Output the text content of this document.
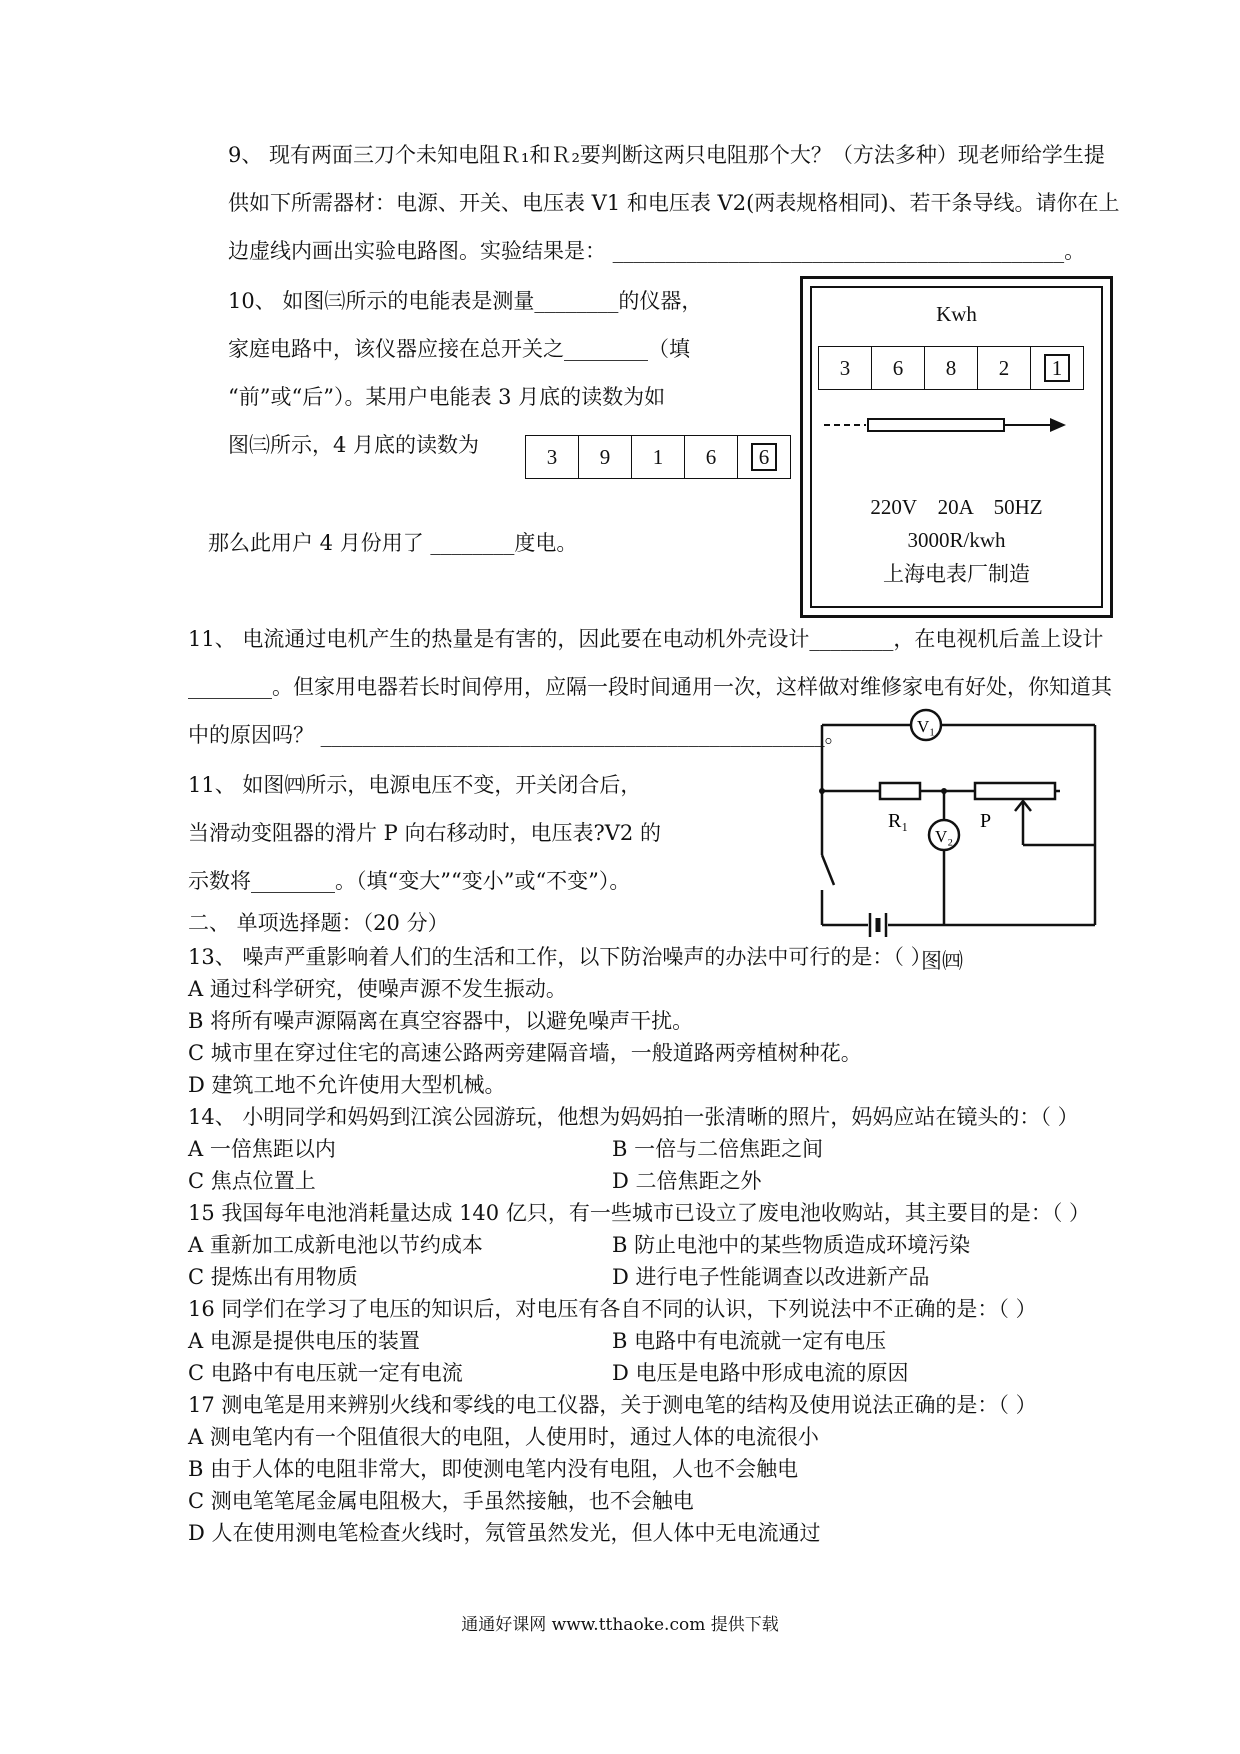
9、 现有两面三刀个未知电阻Ｒ₁和Ｒ₂要判断这两只电阻那个大？（方法多种）现老师给学生提
供如下所需器材：电源、开关、电压表 V1 和电压表 V2(两表规格相同)、若干条导线。请你在上
边虚线内画出实验电路图。实验结果是： ___________________________________________。
10、 如图㈢所示的电能表是测量________的仪器，
家庭电路中，该仪器应接在总开关之________（填
“前”或“后”）。某用户电能表 3 月底的读数为如
图㈢所示，4 月底的读数为
那么此用户 4 月份用了 ________度电。
3	9	1	6	6
Kwh
3	6	8	2	1
220V    20A    50HZ
3000R/kwh
上海电表厂制造
11、 电流通过电机产生的热量是有害的，因此要在电动机外壳设计________，在电视机后盖上设计
________。但家用电器若长时间停用，应隔一段时间通用一次，这样做对维修家电有好处，你知道其
中的原因吗？ ________________________________________________。
11、 如图㈣所示，电源电压不变，开关闭合后，
当滑动变阻器的滑片 P 向右移动时，电压表?V2 的
示数将________。（填“变大”“变小”或“不变”）。
V₁
V₂
R₁	P
图㈣
二、 单项选择题：（20 分）
13、 噪声严重影响着人们的生活和工作，以下防治噪声的办法中可行的是：（ ）
A 通过科学研究，使噪声源不发生振动。
B 将所有噪声源隔离在真空容器中，以避免噪声干扰。
C 城市里在穿过住宅的高速公路两旁建隔音墙，一般道路两旁植树种花。
D 建筑工地不允许使用大型机械。
14、 小明同学和妈妈到江滨公园游玩，他想为妈妈拍一张清晰的照片，妈妈应站在镜头的：（ ）
A 一倍焦距以内	B 一倍与二倍焦距之间
C 焦点位置上	D 二倍焦距之外
15 我国每年电池消耗量达成 140 亿只，有一些城市已设立了废电池收购站，其主要目的是：（ ）
A 重新加工成新电池以节约成本	B 防止电池中的某些物质造成环境污染
C 提炼出有用物质	D 进行电子性能调查以改进新产品
16 同学们在学习了电压的知识后，对电压有各自不同的认识，下列说法中不正确的是：（ ）
A 电源是提供电压的装置	B 电路中有电流就一定有电压
C 电路中有电压就一定有电流	D 电压是电路中形成电流的原因
17 测电笔是用来辨别火线和零线的电工仪器，关于测电笔的结构及使用说法正确的是：（ ）
A 测电笔内有一个阻值很大的电阻，人使用时，通过人体的电流很小
B 由于人体的电阻非常大，即使测电笔内没有电阻，人也不会触电
C 测电笔笔尾金属电阻极大，手虽然接触，也不会触电
D 人在使用测电笔检查火线时，氖管虽然发光，但人体中无电流通过
通通好课网 www.tthaoke.com 提供下载
